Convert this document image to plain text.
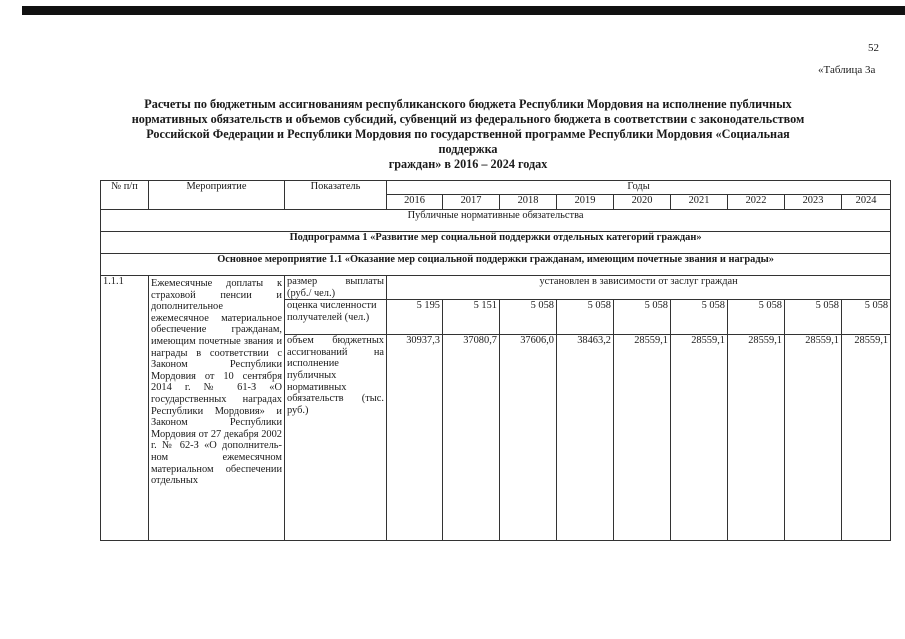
52
«Таблица 3а
Расчеты по бюджетным ассигнованиям республиканского бюджета Республики Мордовия на исполнение публичных
нормативных обязательств и объемов субсидий, субвенций из федерального бюджета в соответствии с законодательством
Российской Федерации и Республики Мордовия по государственной программе Республики Мордовия «Социальная поддержка
граждан» в 2016 – 2024 годах
№ п/п	Мероприятие	Показатель	Годы								
			2016	2017	2018	2019	2020	2021	2022	2023	2024
Публичные нормативные обязательства											
Подпрограмма 1 «Развитие мер социальной поддержки отдельных категорий граждан»											
Основное мероприятие 1.1 «Оказание мер социальной поддержки гражданам, имеющим почетные звания и награды»											
1.1.1	Ежемесячные доплаты к страховой пенсии и дополнительное ежемесячное материальное обеспечение гражданам, имеющим почетные звания и награды в соответствии с Законом Республики Мордовия от 10 сентября 2014 г. № 61-З «О государственных наградах Республики Мордовия» и Законом Республики Мордовия от 27 декабря 2002 г. № 62-З «О дополнитель-ном ежемесячном материальном обеспечении отдельных	размер выплаты (руб./ чел.)	установлен в зависимости от заслуг граждан								
		оценка численности получателей (чел.)	5 195	5 151	5 058	5 058	5 058	5 058	5 058	5 058	5 058
		объем бюджетных ассигнований на исполнение публичных нормативных обязательств (тыс. руб.)	30937,3	37080,7	37606,0	38463,2	28559,1	28559,1	28559,1	28559,1	28559,1
